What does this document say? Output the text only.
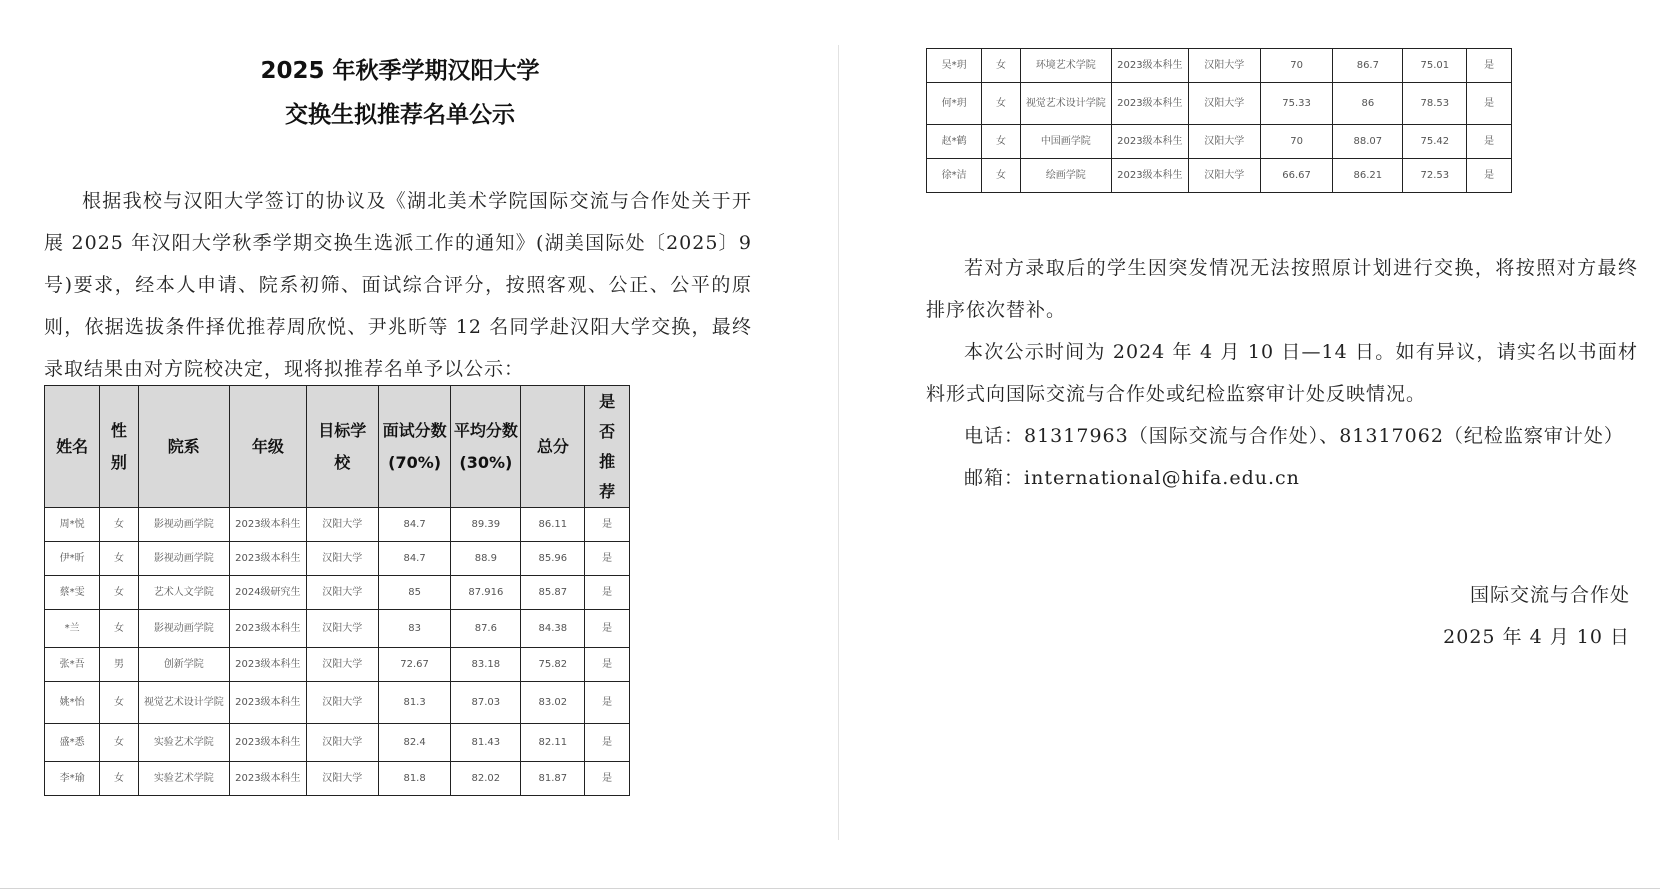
2025 年秋季学期汉阳大学
交换生拟推荐名单公示

根据我校与汉阳大学签订的协议及《湖北美术学院国际交流与合作处关于开展 2025 年汉阳大学秋季学期交换生选派工作的通知》(湖美国际处〔2025〕9 号)要求，经本人申请、院系初筛、面试综合评分，按照客观、公正、公平的原则，依据选拔条件择优推荐周欣悦、尹兆昕等 12 名同学赴汉阳大学交换，最终录取结果由对方院校决定，现将拟推荐名单予以公示：

姓名	性别	院系	年级	目标学校	面试分数(70%)	平均分数(30%)	总分	是否推荐
周*悦	女	影视动画学院	2023级本科生	汉阳大学	84.7	89.39	86.11	是
伊*昕	女	影视动画学院	2023级本科生	汉阳大学	84.7	88.9	85.96	是
蔡*雯	女	艺术人文学院	2024级研究生	汉阳大学	85	87.916	85.87	是
*兰	女	影视动画学院	2023级本科生	汉阳大学	83	87.6	84.38	是
张*吾	男	创新学院	2023级本科生	汉阳大学	72.67	83.18	75.82	是
姚*怡	女	视觉艺术设计学院	2023级本科生	汉阳大学	81.3	87.03	83.02	是
盛*悉	女	实验艺术学院	2023级本科生	汉阳大学	82.4	81.43	82.11	是
李*瑜	女	实验艺术学院	2023级本科生	汉阳大学	81.8	82.02	81.87	是
吴*玥	女	环境艺术学院	2023级本科生	汉阳大学	70	86.7	75.01	是
何*玥	女	视觉艺术设计学院	2023级本科生	汉阳大学	75.33	86	78.53	是
赵*鹤	女	中国画学院	2023级本科生	汉阳大学	70	88.07	75.42	是
徐*洁	女	绘画学院	2023级本科生	汉阳大学	66.67	86.21	72.53	是

若对方录取后的学生因突发情况无法按照原计划进行交换，将按照对方最终排序依次替补。

本次公示时间为 2024 年 4 月 10 日—14 日。如有异议，请实名以书面材料形式向国际交流与合作处或纪检监察审计处反映情况。

电话：81317963（国际交流与合作处）、81317062（纪检监察审计处）

邮箱：international@hifa.edu.cn

国际交流与合作处
2025 年 4 月 10 日
